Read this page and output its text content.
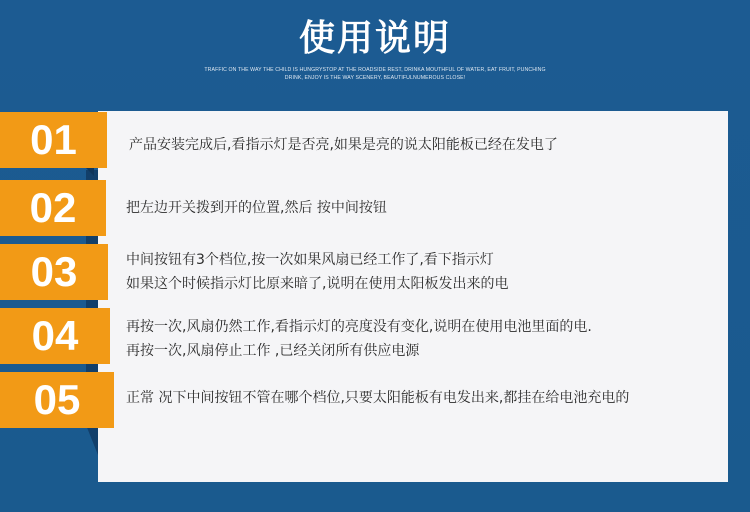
使用说明
TRAFFIC ON THE WAY THE CHILD IS HUNGRYSTOP AT THE ROADSIDE REST, DRINKA MOUTHFUL OF WATER, EAT FRUIT, PUNCHING
DRINK, ENJOY IS THE WAY SCENERY, BEAUTIFULNUMEROUS CLOSE!
01	产品安装完成后,看指示灯是否亮,如果是亮的说太阳能板已经在发电了
02	把左边开关拨到开的位置,然后 按中间按钮
03	中间按钮有3个档位,按一次如果风扇已经工作了,看下指示灯
如果这个时候指示灯比原来暗了,说明在使用太阳板发出来的电
04	再按一次,风扇仍然工作,看指示灯的亮度没有变化,说明在使用电池里面的电.
再按一次,风扇停止工作 ,已经关闭所有供应电源
05	正常 况下中间按钮不管在哪个档位,只要太阳能板有电发出来,都挂在给电池充电的
